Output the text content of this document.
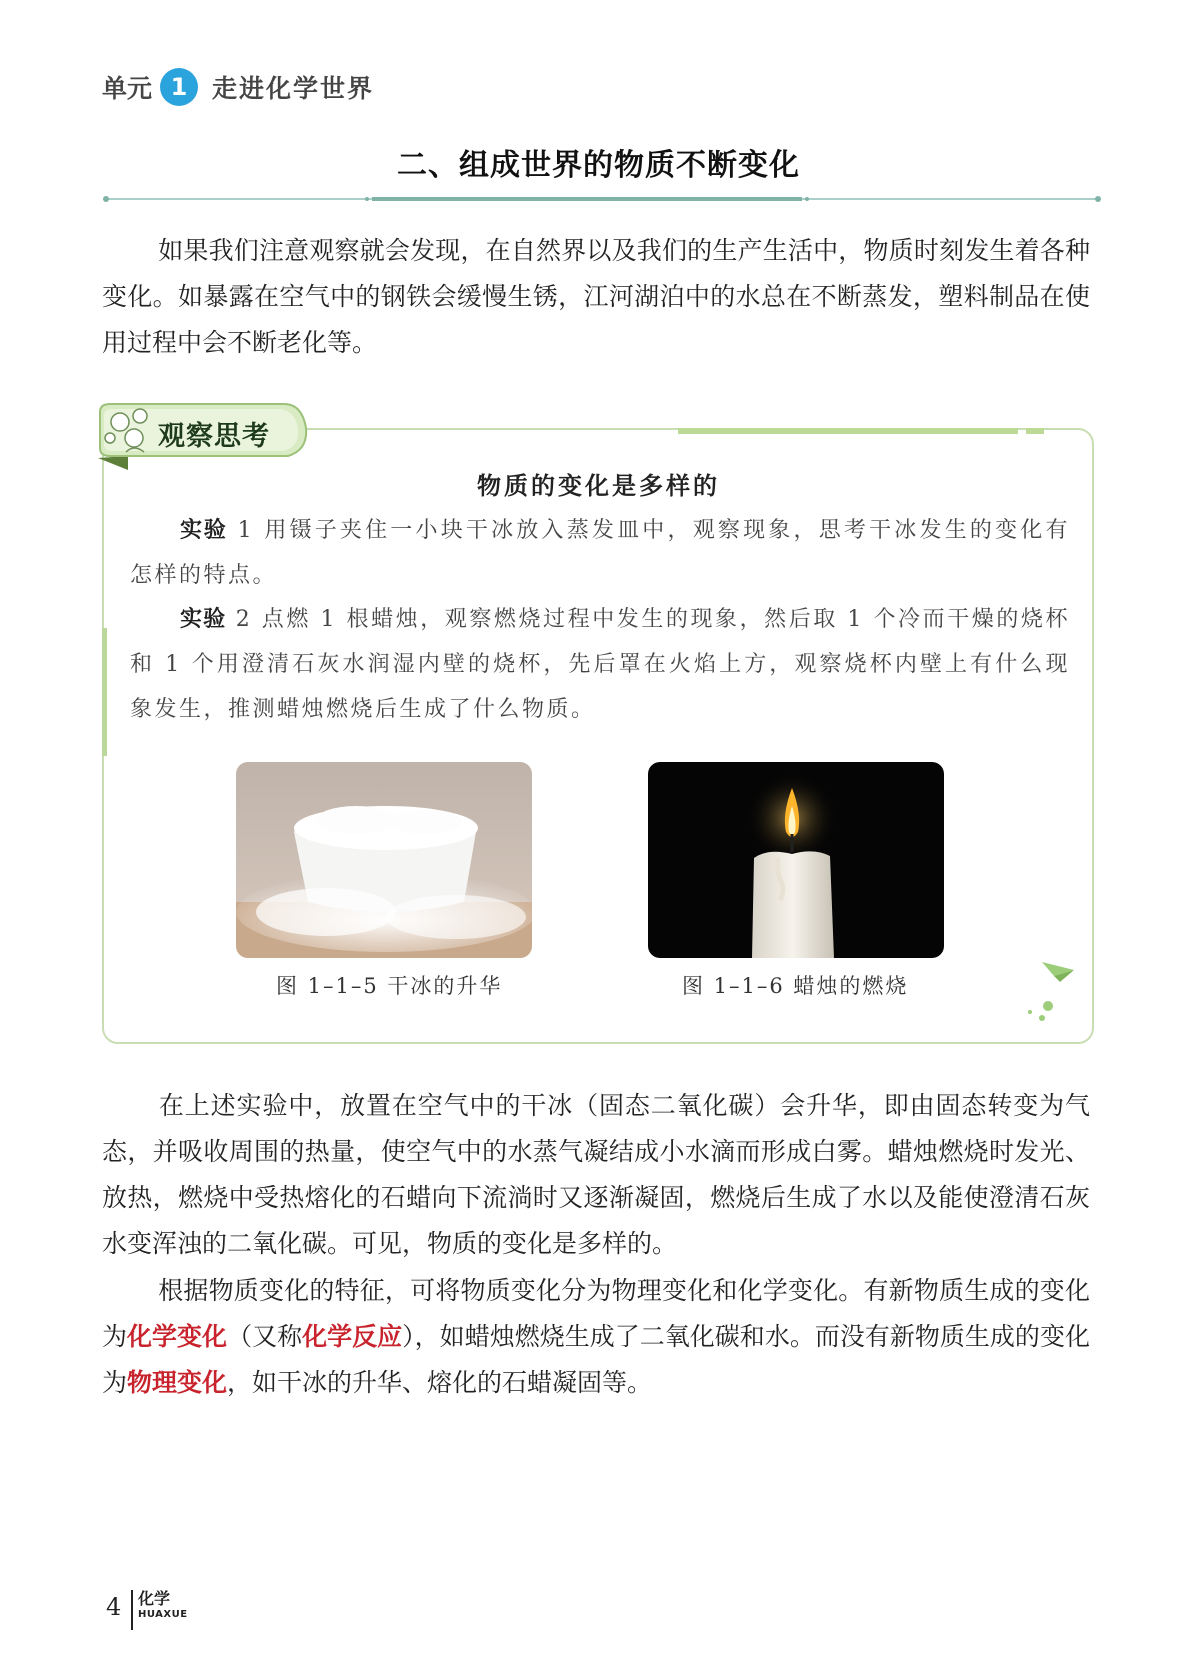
单元 1 走进化学世界
二、组成世界的物质不断变化
如果我们注意观察就会发现，在自然界以及我们的生产生活中，物质时刻发生着各种变化。如暴露在空气中的钢铁会缓慢生锈，江河湖泊中的水总在不断蒸发，塑料制品在使用过程中会不断老化等。
观察思考
物质的变化是多样的
实验 1 用镊子夹住一小块干冰放入蒸发皿中，观察现象，思考干冰发生的变化有怎样的特点。
实验 2 点燃 1 根蜡烛，观察燃烧过程中发生的现象，然后取 1 个冷而干燥的烧杯和 1 个用澄清石灰水润湿内壁的烧杯，先后罩在火焰上方，观察烧杯内壁上有什么现象发生，推测蜡烛燃烧后生成了什么物质。
图 1–1–5 干冰的升华	图 1–1–6 蜡烛的燃烧
在上述实验中，放置在空气中的干冰（固态二氧化碳）会升华，即由固态转变为气态，并吸收周围的热量，使空气中的水蒸气凝结成小水滴而形成白雾。蜡烛燃烧时发光、放热，燃烧中受热熔化的石蜡向下流淌时又逐渐凝固，燃烧后生成了水以及能使澄清石灰水变浑浊的二氧化碳。可见，物质的变化是多样的。
根据物质变化的特征，可将物质变化分为物理变化和化学变化。有新物质生成的变化为化学变化（又称化学反应），如蜡烛燃烧生成了二氧化碳和水。而没有新物质生成的变化为物理变化，如干冰的升华、熔化的石蜡凝固等。
4 化学
HUAXUE
